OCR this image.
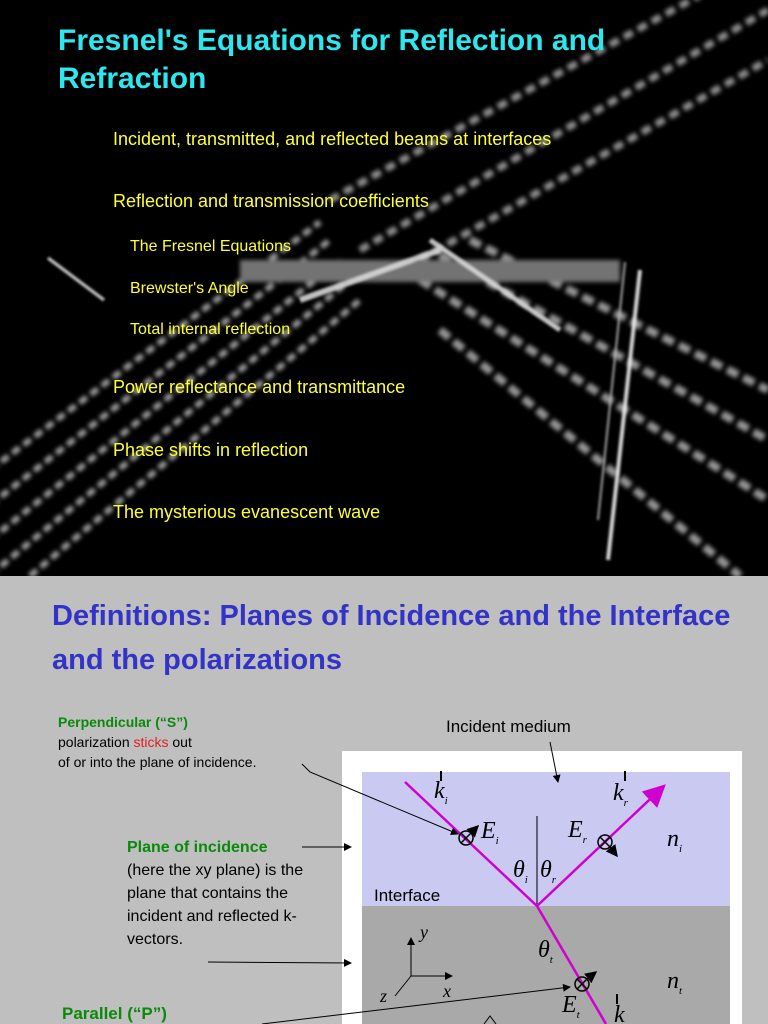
Fresnel's Equations for Reflection and Refraction
Incident, transmitted, and reflected beams at interfaces
Reflection and transmission coefficients
The Fresnel Equations
Brewster's Angle
Total internal reflection
Power reflectance and transmittance
Phase shifts in reflection
The mysterious evanescent wave
Definitions: Planes of Incidence and the Interface and the polarizations
Perpendicular (“S”)
polarization sticks out
of or into the plane of incidence.
Plane of incidence
(here the xy plane) is the plane that contains the incident and reflected k-vectors.
Parallel (“P”)
Incident medium
Interface
$k_i$	$k_r$
$E_i$	$E_r$	$n_i$
$\theta_i$ $\theta_r$
$\theta_t$
$n_t$
$E_t$ k
y
x
z
